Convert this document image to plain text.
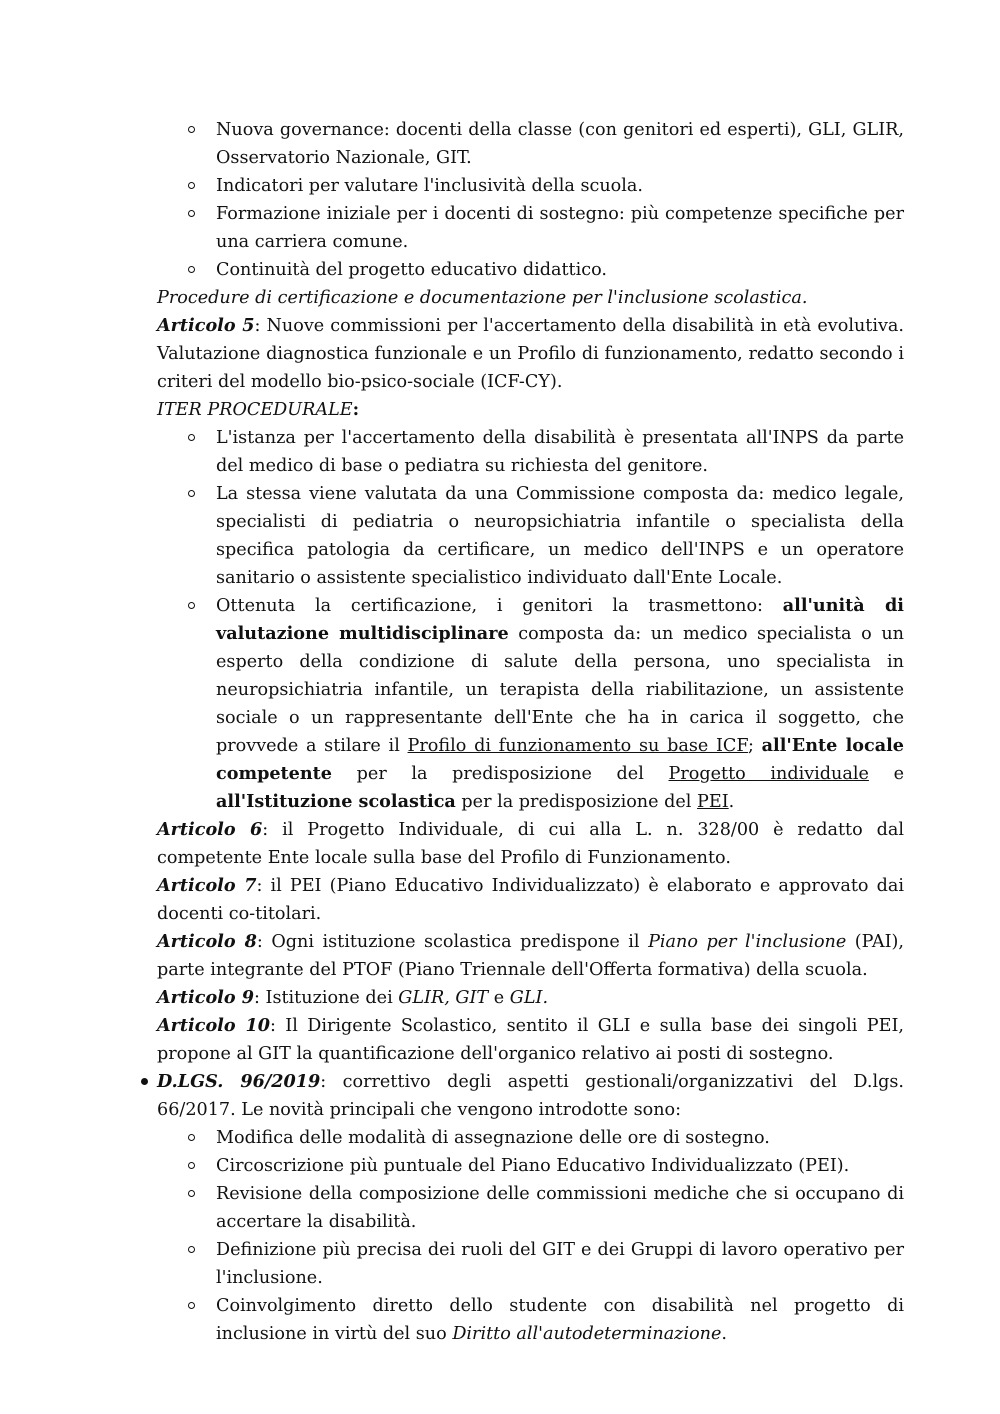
Nuova governance: docenti della classe (con genitori ed esperti), GLI, GLIR, Osservatorio Nazionale, GIT.
Indicatori per valutare l'inclusività della scuola.
Formazione iniziale per i docenti di sostegno: più competenze specifiche per una carriera comune.
Continuità del progetto educativo didattico.
Procedure di certificazione e documentazione per l'inclusione scolastica.
Articolo 5: Nuove commissioni per l'accertamento della disabilità in età evolutiva. Valutazione diagnostica funzionale e un Profilo di funzionamento, redatto secondo i criteri del modello bio-psico-sociale (ICF-CY).
ITER PROCEDURALE:
L'istanza per l'accertamento della disabilità è presentata all'INPS da parte del medico di base o pediatra su richiesta del genitore.
La stessa viene valutata da una Commissione composta da: medico legale, specialisti di pediatria o neuropsichiatria infantile o specialista della specifica patologia da certificare, un medico dell'INPS e un operatore sanitario o assistente specialistico individuato dall'Ente Locale.
Ottenuta la certificazione, i genitori la trasmettono: all'unità di valutazione multidisciplinare composta da: un medico specialista o un esperto della condizione di salute della persona, uno specialista in neuropsichiatria infantile, un terapista della riabilitazione, un assistente sociale o un rappresentante dell'Ente che ha in carica il soggetto, che provvede a stilare il Profilo di funzionamento su base ICF; all'Ente locale competente per la predisposizione del Progetto individuale e all'Istituzione scolastica per la predisposizione del PEI.
Articolo 6: il Progetto Individuale, di cui alla L. n. 328/00 è redatto dal competente Ente locale sulla base del Profilo di Funzionamento.
Articolo 7: il PEI (Piano Educativo Individualizzato) è elaborato e approvato dai docenti co-titolari.
Articolo 8: Ogni istituzione scolastica predispone il Piano per l'inclusione (PAI), parte integrante del PTOF (Piano Triennale dell'Offerta formativa) della scuola.
Articolo 9: Istituzione dei GLIR, GIT e GLI.
Articolo 10: Il Dirigente Scolastico, sentito il GLI e sulla base dei singoli PEI, propone al GIT la quantificazione dell'organico relativo ai posti di sostegno.
D.LGS. 96/2019: correttivo degli aspetti gestionali/organizzativi del D.lgs. 66/2017. Le novità principali che vengono introdotte sono:
Modifica delle modalità di assegnazione delle ore di sostegno.
Circoscrizione più puntuale del Piano Educativo Individualizzato (PEI).
Revisione della composizione delle commissioni mediche che si occupano di accertare la disabilità.
Definizione più precisa dei ruoli del GIT e dei Gruppi di lavoro operativo per l'inclusione.
Coinvolgimento diretto dello studente con disabilità nel progetto di inclusione in virtù del suo Diritto all'autodeterminazione.
